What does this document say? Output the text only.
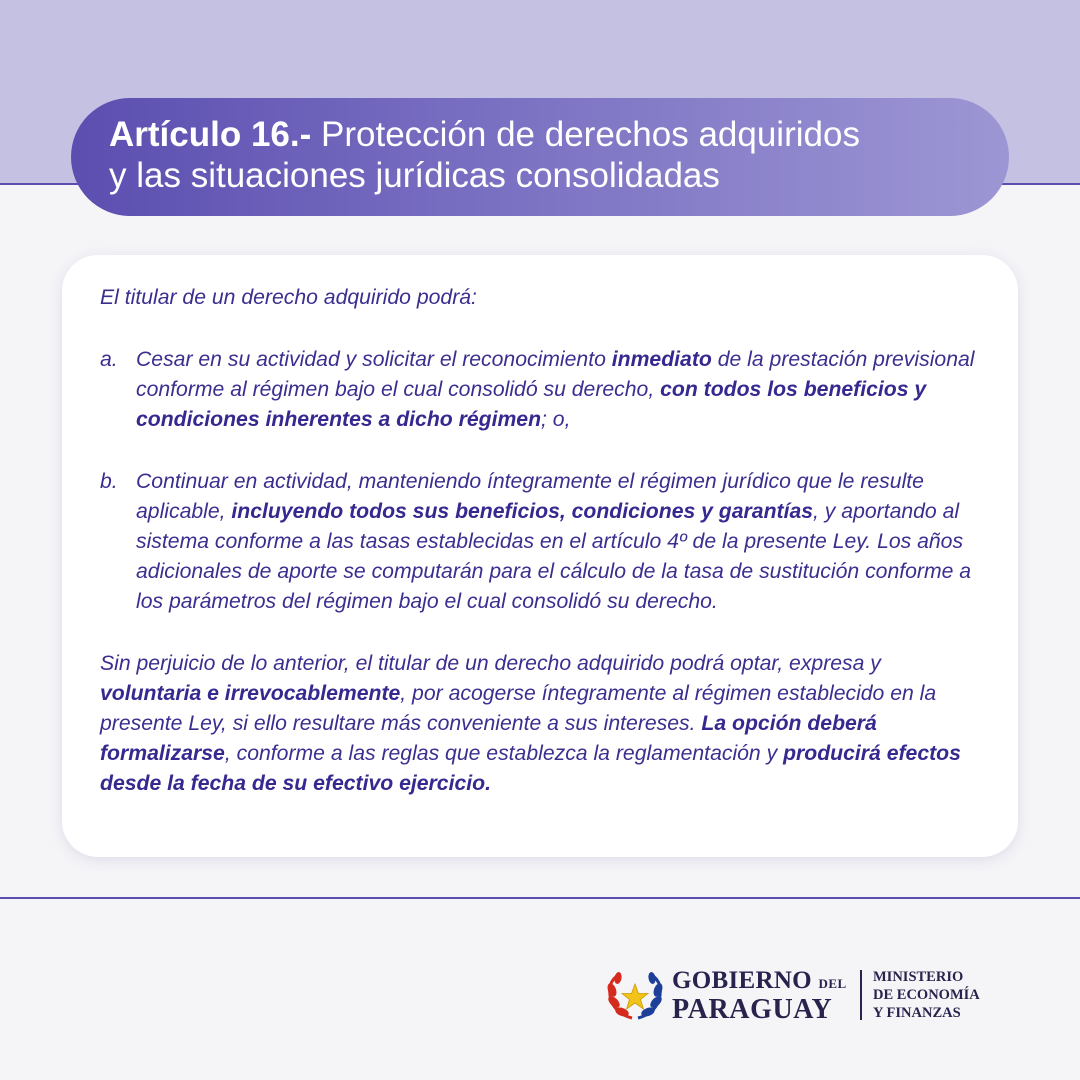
Artículo 16.- Protección de derechos adquiridos
y las situaciones jurídicas consolidadas

El titular de un derecho adquirido podrá:

a. Cesar en su actividad y solicitar el reconocimiento inmediato de la prestación previsional conforme al régimen bajo el cual consolidó su derecho, con todos los beneficios y condiciones inherentes a dicho régimen; o,
b. Continuar en actividad, manteniendo íntegramente el régimen jurídico que le resulte aplicable, incluyendo todos sus beneficios, condiciones y garantías, y aportando al sistema conforme a las tasas establecidas en el artículo 4º de la presente Ley. Los años adicionales de aporte se computarán para el cálculo de la tasa de sustitución conforme a los parámetros del régimen bajo el cual consolidó su derecho.

Sin perjuicio de lo anterior, el titular de un derecho adquirido podrá optar, expresa y voluntaria e irrevocablemente, por acogerse íntegramente al régimen establecido en la presente Ley, si ello resultare más conveniente a sus intereses. La opción deberá formalizarse, conforme a las reglas que establezca la reglamentación y producirá efectos desde la fecha de su efectivo ejercicio.

GOBIERNO DEL
PARAGUAY
MINISTERIO
DE ECONOMÍA
Y FINANZAS
